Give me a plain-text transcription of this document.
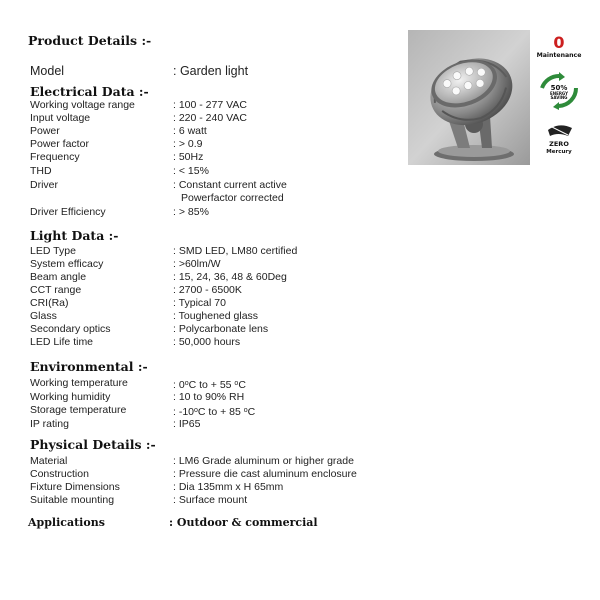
Product Details :-
Model	: Garden light
Electrical Data :-
Working voltage range	: 100 - 277 VAC
Input voltage	: 220 - 240 VAC
Power	: 6 watt
Power factor	: > 0.9
Frequency	: 50Hz
THD	: < 15%
Driver	: Constant current active
Powerfactor corrected
Driver Efficiency	: > 85%
Light Data :-
LED Type	: SMD LED, LM80 certified
System efficacy	: >60lm/W
Beam angle	: 15, 24, 36, 48 & 60Deg
CCT range	: 2700 - 6500K
CRI(Ra)	: Typical 70
Glass	: Toughened glass
Secondary optics	: Polycarbonate lens
LED Life time	: 50,000 hours
Environmental :-
Working temperature	: 0$^o$C to + 55 $^o$C
Working humidity	: 10 to 90% RH
Storage temperature	: -10$^o$C to + 85 $^o$C
IP rating	: IP65
Physical Details :-
Material	: LM6 Grade aluminum or higher grade
Construction	: Pressure die cast aluminum enclosure
Fixture Dimensions	: Dia 135mm x H 65mm
Suitable mounting	: Surface mount
Applications	: Outdoor & commercial
0
Maintenance
50%
ENERGY
SAVING
ZERO
Mercury
